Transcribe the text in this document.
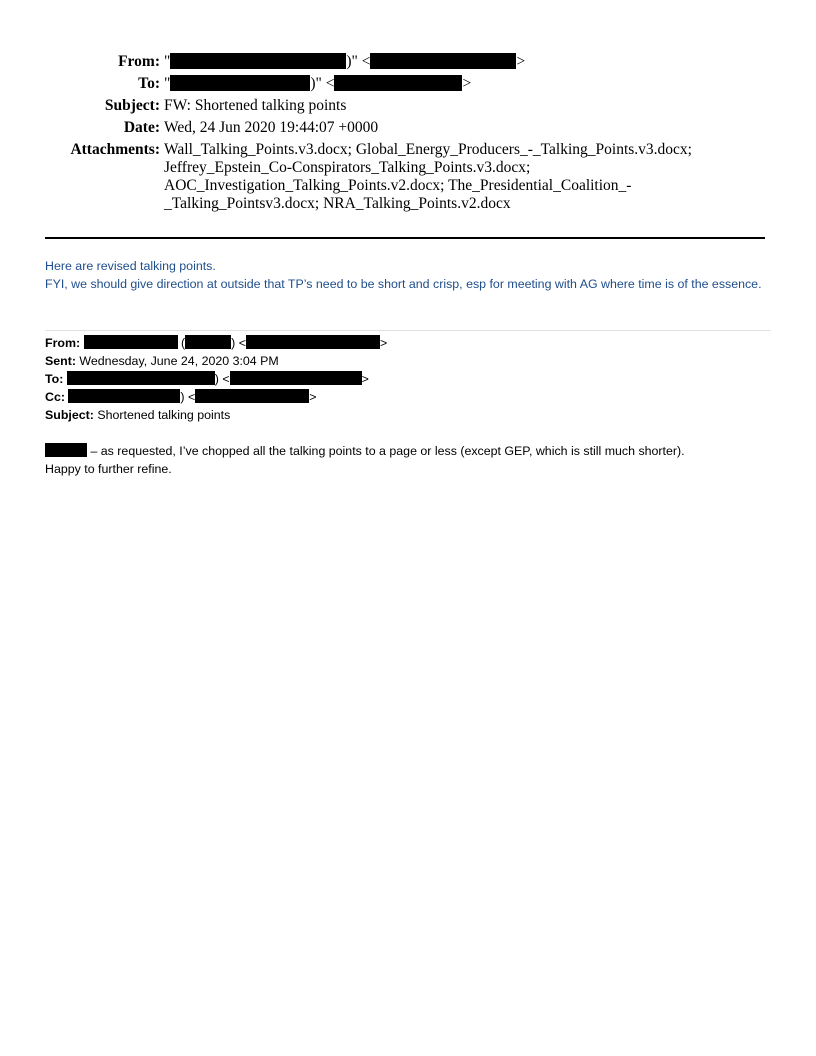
From: "	)" <	>
To: "	)" <	>
Subject: FW: Shortened talking points
Date: Wed, 24 Jun 2020 19:44:07 +0000
Attachments: Wall_Talking_Points.v3.docx; Global_Energy_Producers_-_Talking_Points.v3.docx;
Jeffrey_Epstein_Co-Conspirators_Talking_Points.v3.docx;
AOC_Investigation_Talking_Points.v2.docx; The_Presidential_Coalition_-
_Talking_Pointsv3.docx; NRA_Talking_Points.v2.docx

Here are revised talking points.

FYI, we should give direction at outside that TP’s need to be short and crisp, esp for meeting with AG where time is of the essence.

From:	(	) <	>
Sent: Wednesday, June 24, 2020 3:04 PM
To:	) <	>
Cc:	) <	>
Subject: Shortened talking points

– as requested, I’ve chopped all the talking points to a page or less (except GEP, which is still much shorter).

Happy to further refine.
